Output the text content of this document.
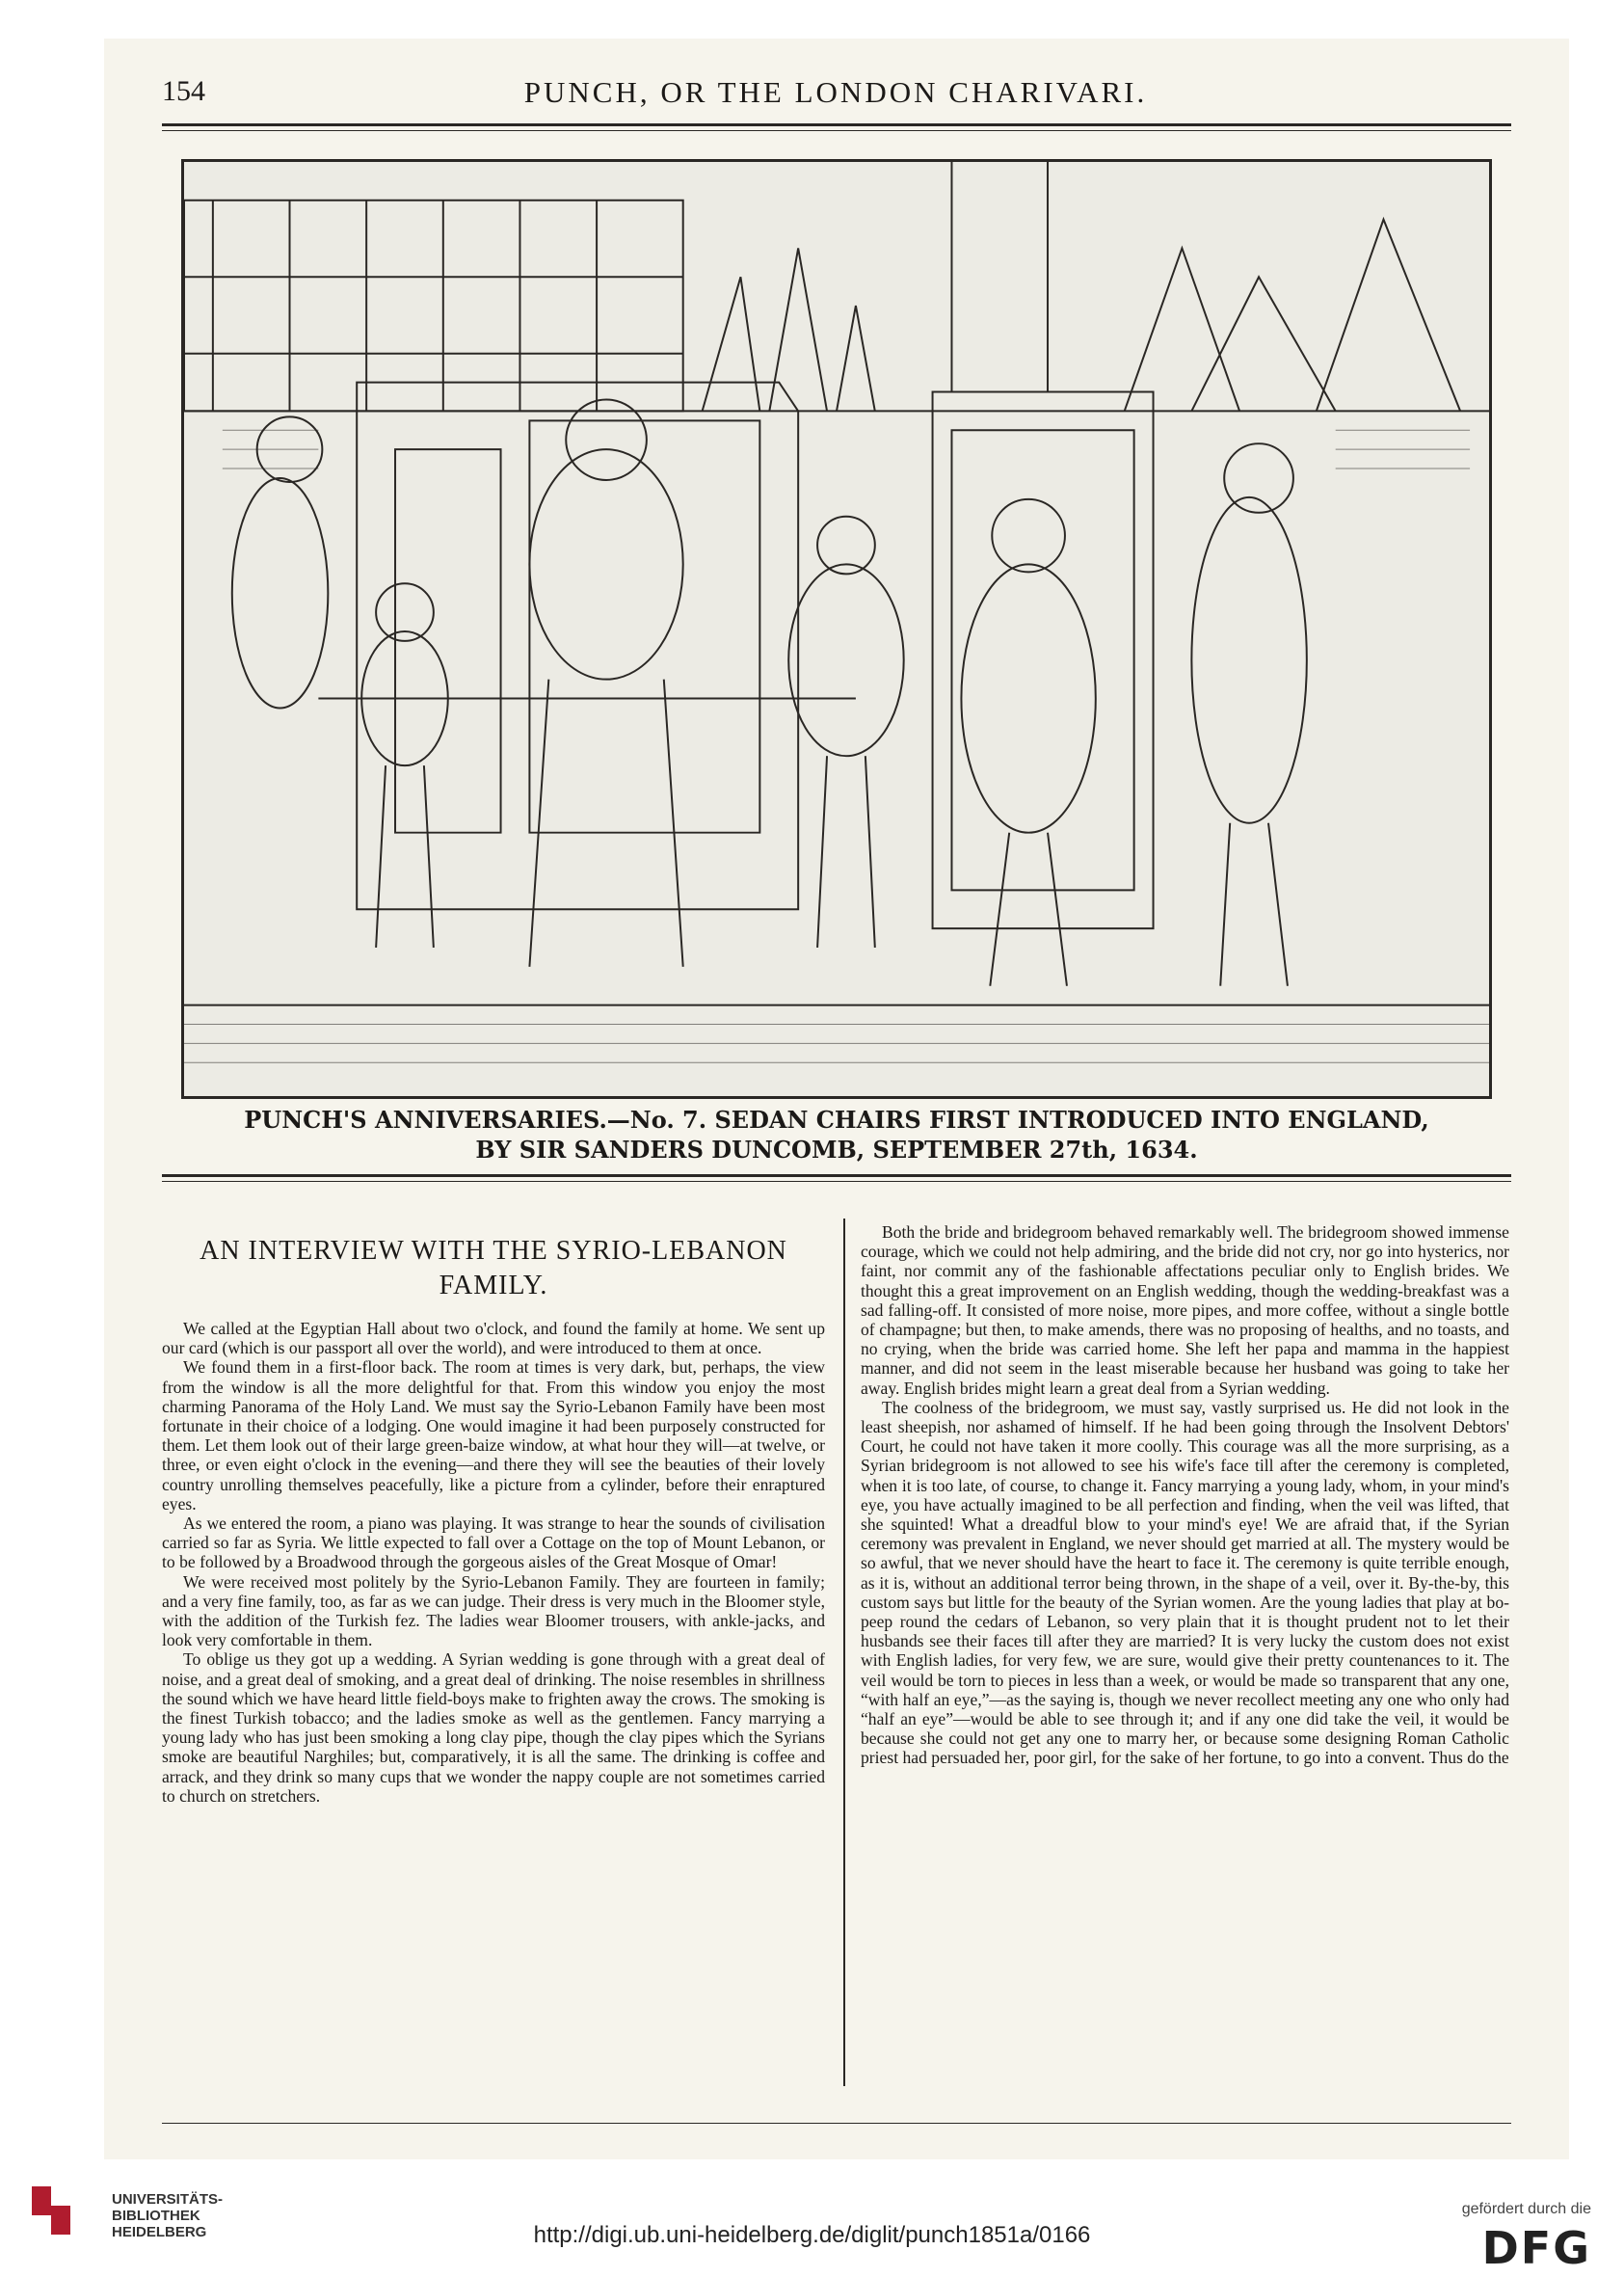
154	PUNCH, OR THE LONDON CHARIVARI.
PUNCH'S ANNIVERSARIES.—No. 7. SEDAN CHAIRS FIRST INTRODUCED INTO ENGLAND,
BY SIR SANDERS DUNCOMB, SEPTEMBER 27th, 1634.
AN INTERVIEW WITH THE SYRIO-LEBANON
FAMILY.

We called at the Egyptian Hall about two o'clock, and found the family at home. We sent up our card (which is our passport all over the world), and were introduced to them at once.

We found them in a first-floor back. The room at times is very dark, but, perhaps, the view from the window is all the more delightful for that. From this window you enjoy the most charming Panorama of the Holy Land. We must say the Syrio-Lebanon Family have been most fortunate in their choice of a lodging. One would imagine it had been purposely constructed for them. Let them look out of their large green-baize window, at what hour they will—at twelve, or three, or even eight o'clock in the evening—and there they will see the beauties of their lovely country unrolling themselves peacefully, like a picture from a cylinder, before their enraptured eyes.

As we entered the room, a piano was playing. It was strange to hear the sounds of civilisation carried so far as Syria. We little expected to fall over a Cottage on the top of Mount Lebanon, or to be followed by a Broadwood through the gorgeous aisles of the Great Mosque of Omar!

We were received most politely by the Syrio-Lebanon Family. They are fourteen in family; and a very fine family, too, as far as we can judge. Their dress is very much in the Bloomer style, with the addition of the Turkish fez. The ladies wear Bloomer trousers, with ankle-jacks, and look very comfortable in them.

To oblige us they got up a wedding. A Syrian wedding is gone through with a great deal of noise, and a great deal of smoking, and a great deal of drinking. The noise resembles in shrillness the sound which we have heard little field-boys make to frighten away the crows. The smoking is the finest Turkish tobacco; and the ladies smoke as well as the gentlemen. Fancy marrying a young lady who has just been smoking a long clay pipe, though the clay pipes which the Syrians smoke are beautiful Narghiles; but, comparatively, it is all the same. The drinking is coffee and arrack, and they drink so many cups that we wonder the nappy couple are not sometimes carried to church on stretchers.

Both the bride and bridegroom behaved remarkably well. The bridegroom showed immense courage, which we could not help admiring, and the bride did not cry, nor go into hysterics, nor faint, nor commit any of the fashionable affectations peculiar only to English brides. We thought this a great improvement on an English wedding, though the wedding-breakfast was a sad falling-off. It consisted of more noise, more pipes, and more coffee, without a single bottle of champagne; but then, to make amends, there was no proposing of healths, and no toasts, and no crying, when the bride was carried home. She left her papa and mamma in the happiest manner, and did not seem in the least miserable because her husband was going to take her away. English brides might learn a great deal from a Syrian wedding.

The coolness of the bridegroom, we must say, vastly surprised us. He did not look in the least sheepish, nor ashamed of himself. If he had been going through the Insolvent Debtors' Court, he could not have taken it more coolly. This courage was all the more surprising, as a Syrian bridegroom is not allowed to see his wife's face till after the ceremony is completed, when it is too late, of course, to change it. Fancy marrying a young lady, whom, in your mind's eye, you have actually imagined to be all perfection and finding, when the veil was lifted, that she squinted! What a dreadful blow to your mind's eye! We are afraid that, if the Syrian ceremony was prevalent in England, we never should get married at all. The mystery would be so awful, that we never should have the heart to face it. The ceremony is quite terrible enough, as it is, without an additional terror being thrown, in the shape of a veil, over it. By-the-by, this custom says but little for the beauty of the Syrian women. Are the young ladies that play at bo-peep round the cedars of Lebanon, so very plain that it is thought prudent not to let their husbands see their faces till after they are married? It is very lucky the custom does not exist with English ladies, for very few, we are sure, would give their pretty countenances to it. The veil would be torn to pieces in less than a week, or would be made so transparent that any one, “with half an eye,”—as the saying is, though we never recollect meeting any one who only had “half an eye”—would be able to see through it; and if any one did take the veil, it would be because she could not get any one to marry her, or because some designing Roman Catholic priest had persuaded her, poor girl, for the sake of her fortune, to go into a convent. Thus do the

UNIVERSITÄTS-
BIBLIOTHEK
HEIDELBERG	http://digi.ub.uni-heidelberg.de/diglit/punch1851a/0166
gefördert durch die
DFG
